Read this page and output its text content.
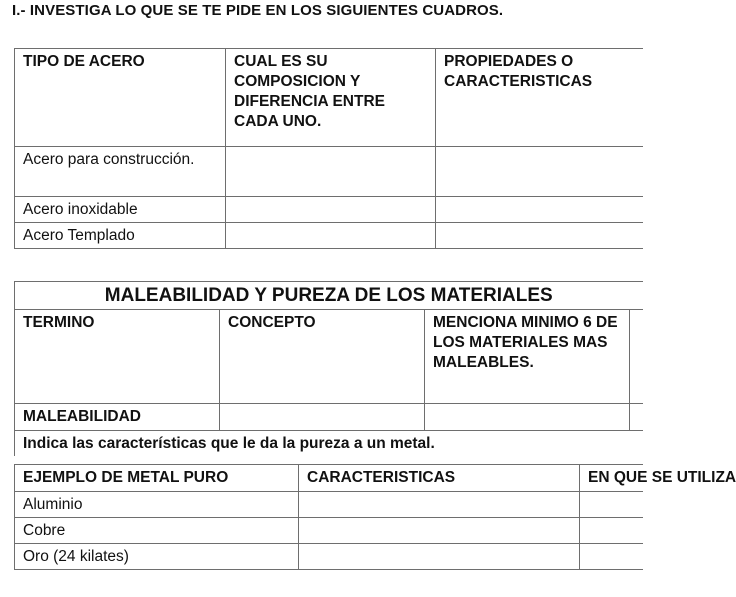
I.- INVESTIGA LO QUE SE TE PIDE EN LOS SIGUIENTES CUADROS.
TIPO DE ACERO	CUAL ES SU COMPOSICION Y DIFERENCIA ENTRE CADA UNO.	PROPIEDADES O CARACTERISTICAS
Acero para construcción.		
Acero inoxidable		
Acero Templado		
MALEABILIDAD Y PUREZA DE LOS MATERIALES			
TERMINO	CONCEPTO	MENCIONA MINIMO 6 DE LOS MATERIALES MAS MALEABLES.	
MALEABILIDAD			
Indica las características que le da la pureza a un metal.			
EJEMPLO DE METAL PURO	CARACTERISTICAS	EN QUE SE UTILIZA
Aluminio		
Cobre		
Oro (24 kilates)		
